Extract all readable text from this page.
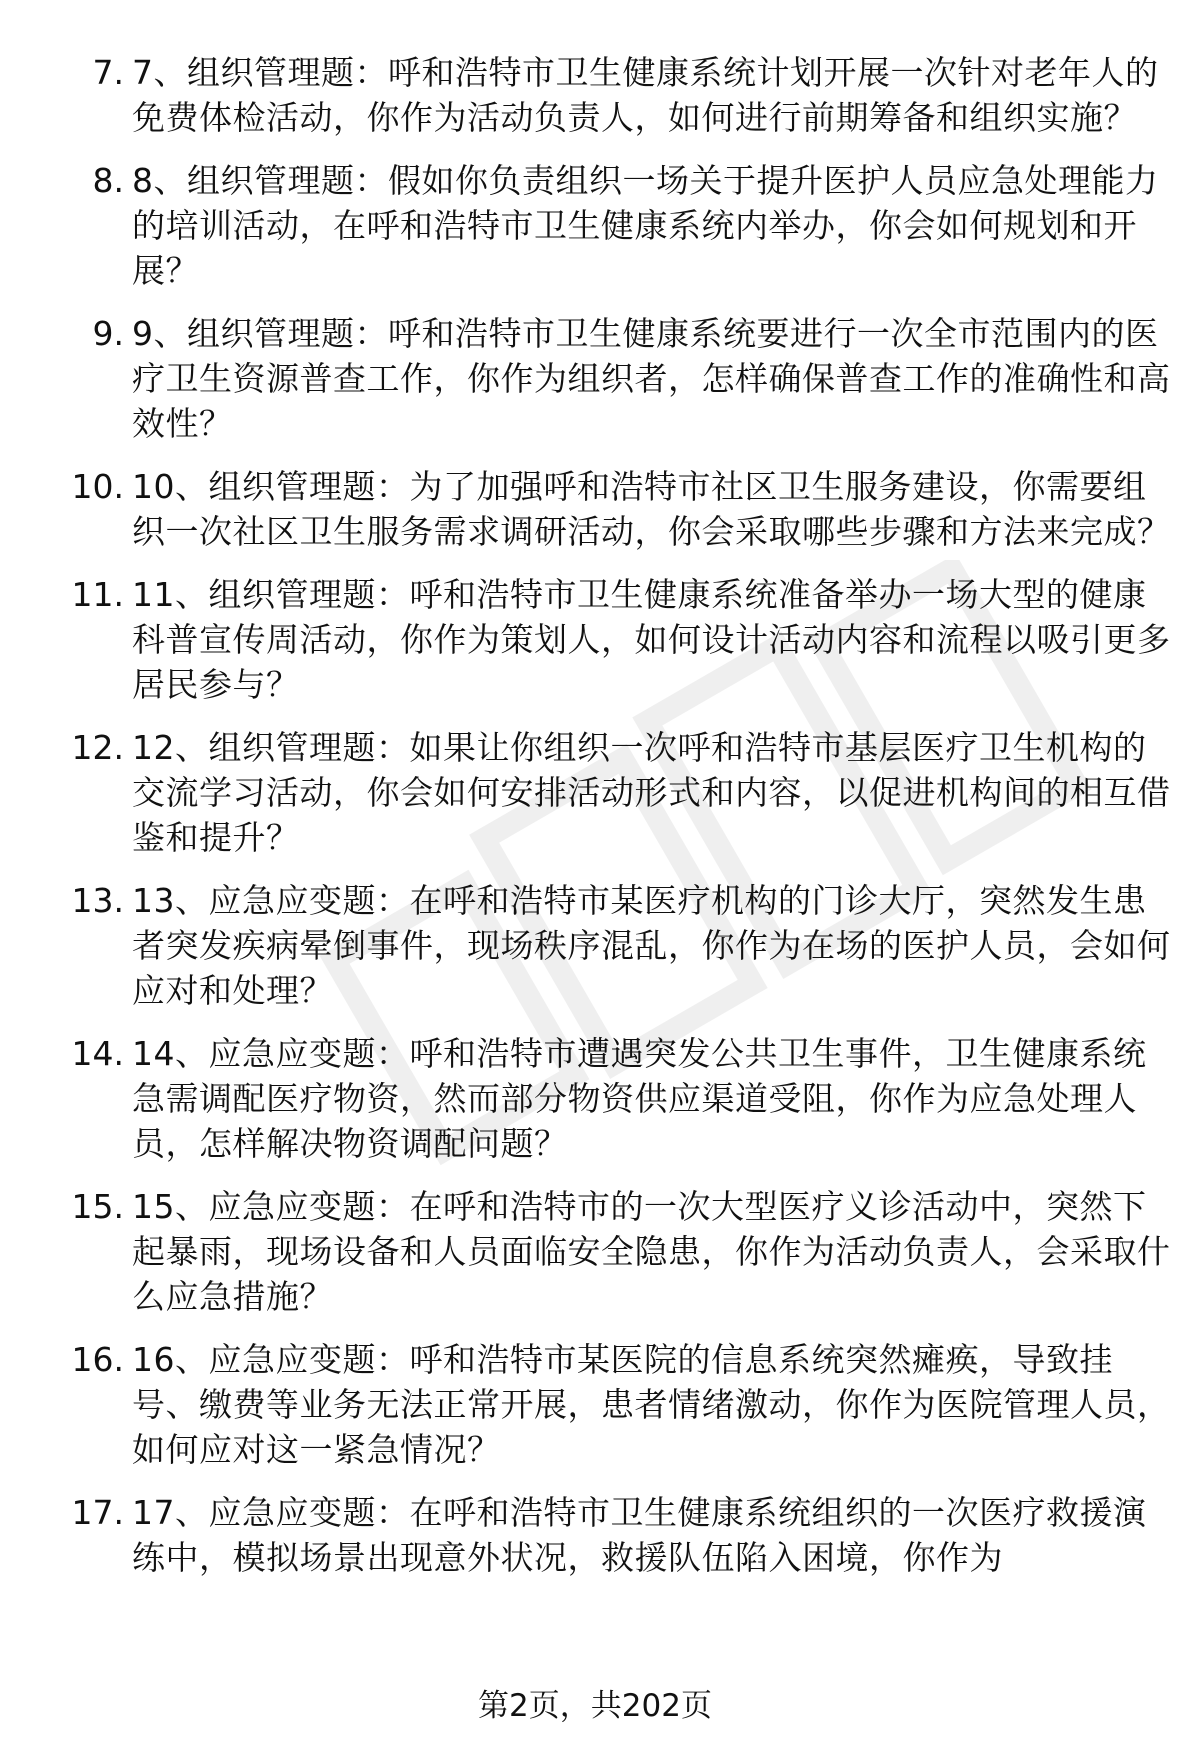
7. 7、组织管理题：呼和浩特市卫生健康系统计划开展一次针对老年人的免费体检活动，你作为活动负责人，如何进行前期筹备和组织实施？
8. 8、组织管理题：假如你负责组织一场关于提升医护人员应急处理能力的培训活动，在呼和浩特市卫生健康系统内举办，你会如何规划和开展？
9. 9、组织管理题：呼和浩特市卫生健康系统要进行一次全市范围内的医疗卫生资源普查工作，你作为组织者，怎样确保普查工作的准确性和高效性？
10. 10、组织管理题：为了加强呼和浩特市社区卫生服务建设，你需要组织一次社区卫生服务需求调研活动，你会采取哪些步骤和方法来完成？
11. 11、组织管理题：呼和浩特市卫生健康系统准备举办一场大型的健康科普宣传周活动，你作为策划人，如何设计活动内容和流程以吸引更多居民参与？
12. 12、组织管理题：如果让你组织一次呼和浩特市基层医疗卫生机构的交流学习活动，你会如何安排活动形式和内容，以促进机构间的相互借鉴和提升？
13. 13、应急应变题：在呼和浩特市某医疗机构的门诊大厅，突然发生患者突发疾病晕倒事件，现场秩序混乱，你作为在场的医护人员，会如何应对和处理？
14. 14、应急应变题：呼和浩特市遭遇突发公共卫生事件，卫生健康系统急需调配医疗物资，然而部分物资供应渠道受阻，你作为应急处理人员，怎样解决物资调配问题？
15. 15、应急应变题：在呼和浩特市的一次大型医疗义诊活动中，突然下起暴雨，现场设备和人员面临安全隐患，你作为活动负责人，会采取什么应急措施？
16. 16、应急应变题：呼和浩特市某医院的信息系统突然瘫痪，导致挂号、缴费等业务无法正常开展，患者情绪激动，你作为医院管理人员，如何应对这一紧急情况？
17. 17、应急应变题：在呼和浩特市卫生健康系统组织的一次医疗救援演练中，模拟场景出现意外状况，救援队伍陷入困境，你作为
第2页，共202页
